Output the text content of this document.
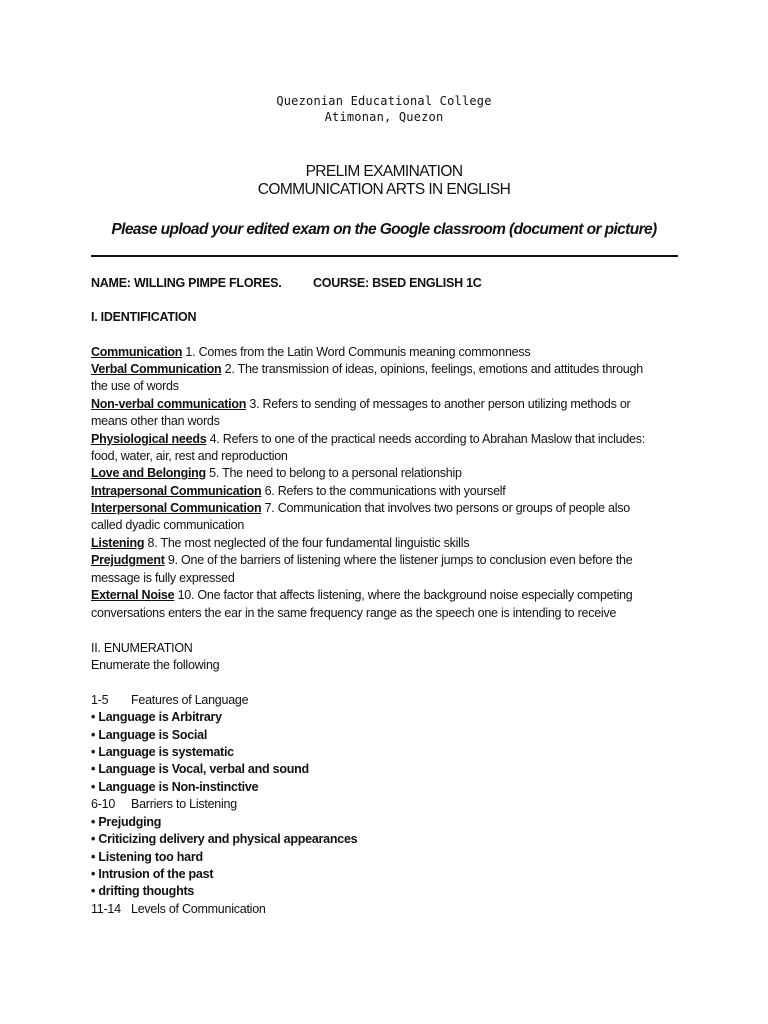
Quezonian Educational College
Atimonan, Quezon
PRELIM EXAMINATION
COMMUNICATION ARTS IN ENGLISH
Please upload your edited exam on the Google classroom (document or picture)
NAME: WILLING PIMPE FLORES.	COURSE: BSED ENGLISH 1C
I. IDENTIFICATION
Communication 1. Comes from the Latin Word Communis meaning commonness
Verbal Communication 2. The transmission of ideas, opinions, feelings, emotions and attitudes through
the use of words
Non-verbal communication 3. Refers to sending of messages to another person utilizing methods or
means other than words
Physiological needs 4. Refers to one of the practical needs according to Abrahan Maslow that includes:
food, water, air, rest and reproduction
Love and Belonging 5. The need to belong to a personal relationship
Intrapersonal Communication 6. Refers to the communications with yourself
Interpersonal Communication 7. Communication that involves two persons or groups of people also
called dyadic communication
Listening 8. The most neglected of the four fundamental linguistic skills
Prejudgment 9. One of the barriers of listening where the listener jumps to conclusion even before the
message is fully expressed
External Noise 10. One factor that affects listening, where the background noise especially competing
conversations enters the ear in the same frequency range as the speech one is intending to receive
II. ENUMERATION
Enumerate the following
1-5 Features of Language
• Language is Arbitrary
• Language is Social
• Language is systematic
• Language is Vocal, verbal and sound
• Language is Non-instinctive
6-10 Barriers to Listening
• Prejudging
• Criticizing delivery and physical appearances
• Listening too hard
• Intrusion of the past
• drifting thoughts
11-14 Levels of Communication
